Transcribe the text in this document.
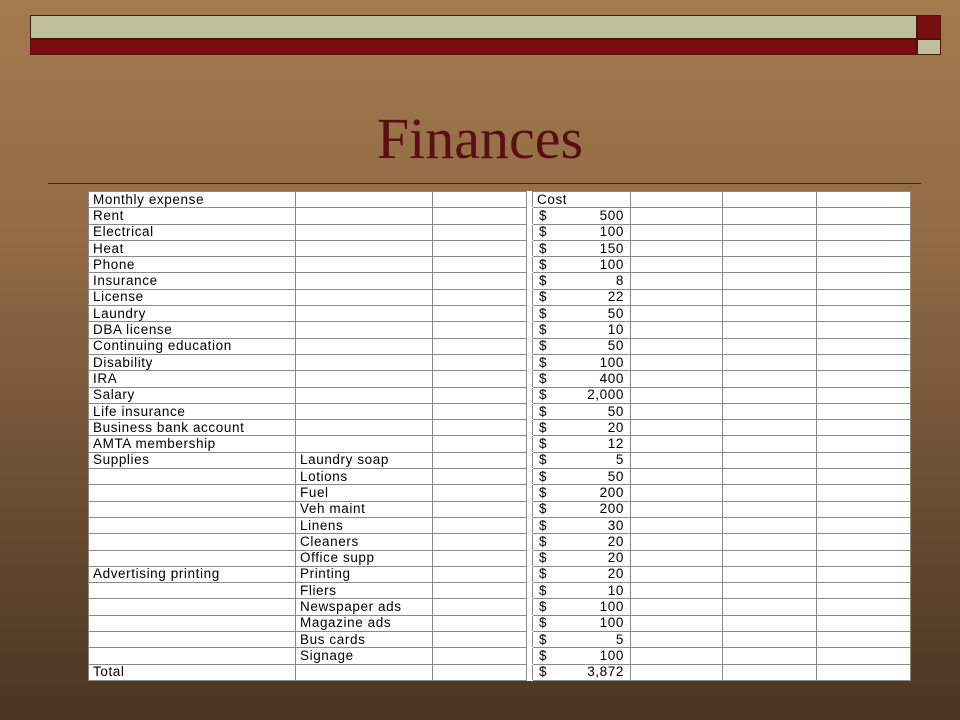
Finances
Monthly expense				Cost			
Rent				$ 500			

Electrical				$ 100			

Heat				$ 150			

Phone				$ 100			

Insurance				$ 8			

License				$ 22			

Laundry				$ 50			

DBA license				$ 10			

Continuing education				$ 50			

Disability				$ 100			

IRA				$ 400			

Salary				$ 2,000			

Life insurance				$ 50			

Business bank account				$ 20			

AMTA membership				$ 12			

Supplies	Laundry soap			$ 5			

	Lotions			$ 50			

	Fuel			$ 200			

	Veh maint			$ 200			

	Linens			$ 30			

	Cleaners			$ 20			

	Office supp			$ 20			

Advertising printing	Printing			$ 20			

	Fliers			$ 10			

	Newspaper ads			$ 100			

	Magazine ads			$ 100			

	Bus cards			$ 5			

	Signage			$ 100			

Total				$ 3,872			
